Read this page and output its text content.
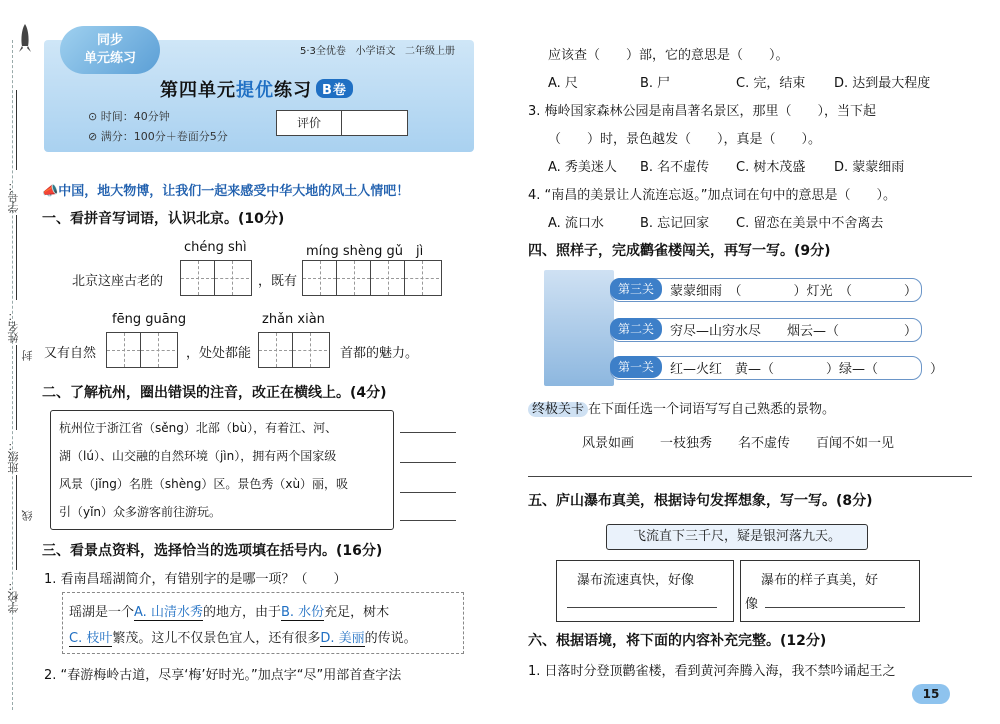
学号：
姓名：
封
班级：
线
学校：
同步
单元练习	5·3全优卷 小学语文 二年级上册
第四单元提优练习 B卷
⊙ 时间：40分钟
⊘ 满分：100分＋卷面分5分
评价
📣中国，地大物博，让我们一起来感受中华大地的风土人情吧！
一、看拼音写词语，认识北京。(10分)
chéng shì	míng shèng gǔ　jì
北京这座古老的	，既有
fēng guāng	zhǎn xiàn
又有自然	，处处都能	首都的魅力。
二、了解杭州，圈出错误的注音，改正在横线上。(4分)
杭州位于浙江省（sěng）北部（bù），有着江、河、
湖（lú）、山交融的自然环境（jìn），拥有两个国家级
风景（jǐng）名胜（shèng）区。景色秀（xù）丽，吸
引（yǐn）众多游客前往游玩。
三、看景点资料，选择恰当的选项填在括号内。(16分)
1. 看南昌瑶湖简介，有错别字的是哪一项？（　　）
瑶湖是一个A. 山清水秀的地方，由于B. 水份充足，树木
C. 枝叶繁茂。这儿不仅景色宜人，还有很多D. 美丽的传说。
2. “春游梅岭古道，尽享‘梅’好时光。”加点字“尽”用部首查字法
应该查（　　）部，它的意思是（　　）。
A. 尺	B. 尸	C. 完，结束 D. 达到最大程度
3. 梅岭国家森林公园是南昌著名景区，那里（　　），当下起
（　　）时，景色越发（　　），真是（　　）。
A. 秀美迷人 B. 名不虚传 C. 树木茂盛 D. 蒙蒙细雨
4. “南昌的美景让人流连忘返。”加点词在句中的意思是（　　）。
A. 流口水	B. 忘记回家 C. 留恋在美景中不舍离去
四、照样子，完成鹳雀楼闯关，再写一写。(9分)
第三关	蒙蒙细雨　（　　　　）灯光　（　　　　）
第二关	穷尽—山穷水尽　　烟云—（　　　　　）
第一关	红—火红　黄—（　　　　）绿—（　　　　）
终极关卡 在下面任选一个词语写写自己熟悉的景物。
风景如画　　一枝独秀　　名不虚传　　百闻不如一见
五、庐山瀑布真美，根据诗句发挥想象，写一写。(8分)
飞流直下三千尺，疑是银河落九天。
瀑布流速真快，好像	瀑布的样子真美，好
像
六、根据语境，将下面的内容补充完整。(12分)
1. 日落时分登顶鹳雀楼，看到黄河奔腾入海，我不禁吟诵起王之
15
